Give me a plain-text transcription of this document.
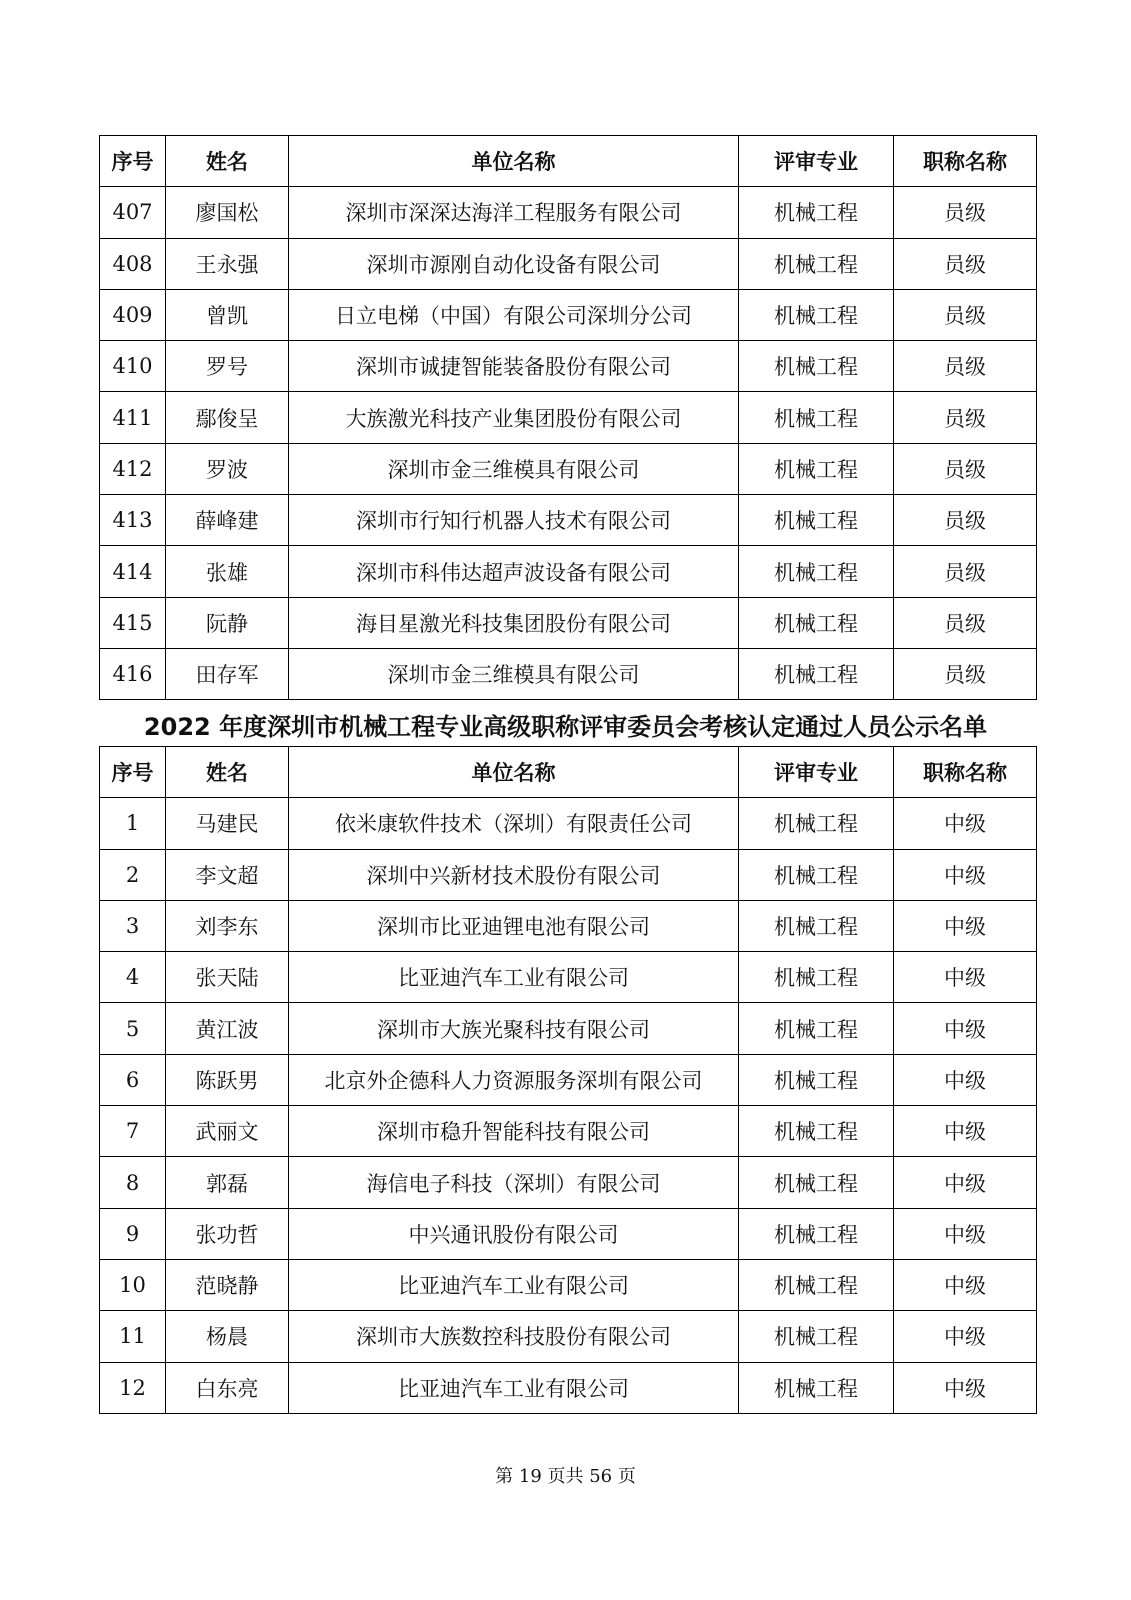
序号	姓名	单位名称	评审专业	职称名称
407	廖国松	深圳市深深达海洋工程服务有限公司	机械工程	员级
408	王永强	深圳市源刚自动化设备有限公司	机械工程	员级
409	曾凯	日立电梯（中国）有限公司深圳分公司	机械工程	员级
410	罗号	深圳市诚捷智能装备股份有限公司	机械工程	员级
411	鄢俊呈	大族激光科技产业集团股份有限公司	机械工程	员级
412	罗波	深圳市金三维模具有限公司	机械工程	员级
413	薛峰建	深圳市行知行机器人技术有限公司	机械工程	员级
414	张雄	深圳市科伟达超声波设备有限公司	机械工程	员级
415	阮静	海目星激光科技集团股份有限公司	机械工程	员级
416	田存军	深圳市金三维模具有限公司	机械工程	员级
2022 年度深圳市机械工程专业高级职称评审委员会考核认定通过人员公示名单
序号	姓名	单位名称	评审专业	职称名称
1	马建民	依米康软件技术（深圳）有限责任公司	机械工程	中级
2	李文超	深圳中兴新材技术股份有限公司	机械工程	中级
3	刘李东	深圳市比亚迪锂电池有限公司	机械工程	中级
4	张天陆	比亚迪汽车工业有限公司	机械工程	中级
5	黄江波	深圳市大族光聚科技有限公司	机械工程	中级
6	陈跃男	北京外企德科人力资源服务深圳有限公司	机械工程	中级
7	武丽文	深圳市稳升智能科技有限公司	机械工程	中级
8	郭磊	海信电子科技（深圳）有限公司	机械工程	中级
9	张功哲	中兴通讯股份有限公司	机械工程	中级
10	范晓静	比亚迪汽车工业有限公司	机械工程	中级
11	杨晨	深圳市大族数控科技股份有限公司	机械工程	中级
12	白东亮	比亚迪汽车工业有限公司	机械工程	中级
第 19 页共 56 页
